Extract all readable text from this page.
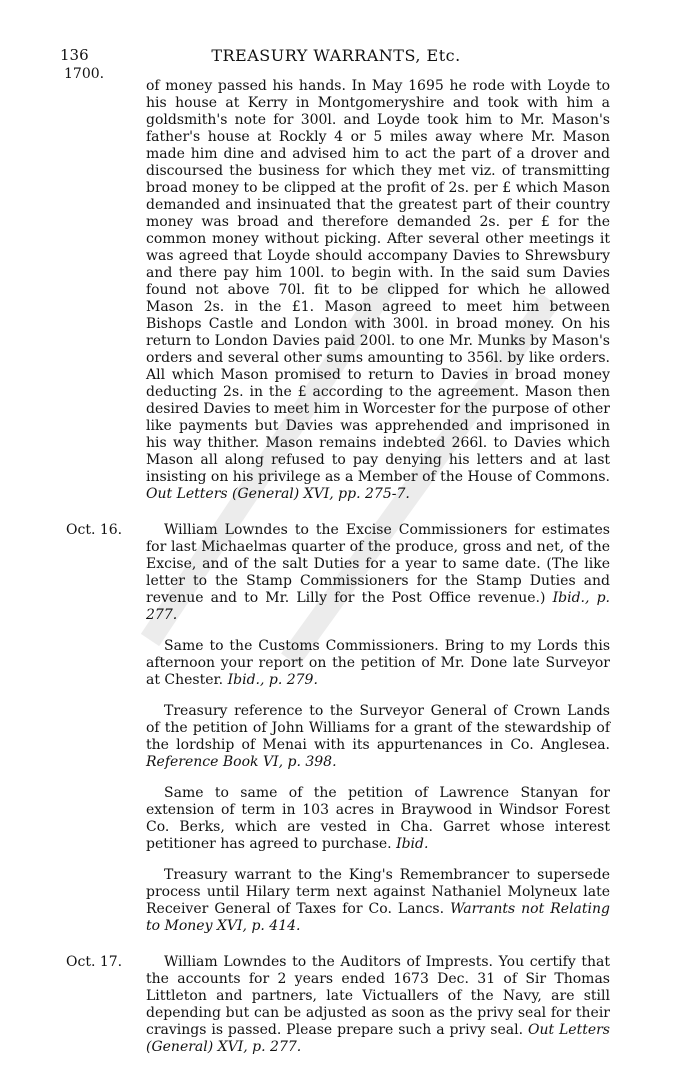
136	TREASURY WARRANTS, Etc.
1700.
of money passed his hands. In May 1695 he rode with Loyde to his house at Kerry in Montgomeryshire and took with him a goldsmith's note for 300l. and Loyde took him to Mr. Mason's father's house at Rockly 4 or 5 miles away where Mr. Mason made him dine and advised him to act the part of a drover and discoursed the business for which they met viz. of transmitting broad money to be clipped at the profit of 2s. per £ which Mason demanded and insinuated that the greatest part of their country money was broad and therefore demanded 2s. per £ for the common money without picking. After several other meetings it was agreed that Loyde should accompany Davies to Shrewsbury and there pay him 100l. to begin with. In the said sum Davies found not above 70l. fit to be clipped for which he allowed Mason 2s. in the £1. Mason agreed to meet him between Bishops Castle and London with 300l. in broad money. On his return to London Davies paid 200l. to one Mr. Munks by Mason's orders and several other sums amounting to 356l. by like orders. All which Mason promised to return to Davies in broad money deducting 2s. in the £ according to the agreement. Mason then desired Davies to meet him in Worcester for the purpose of other like payments but Davies was apprehended and imprisoned in his way thither. Mason remains indebted 266l. to Davies which Mason all along refused to pay denying his letters and at last insisting on his privilege as a Member of the House of Commons. Out Letters (General) XVI, pp. 275-7.
Oct. 16.	William Lowndes to the Excise Commissioners for estimates for last Michaelmas quarter of the produce, gross and net, of the Excise, and of the salt Duties for a year to same date. (The like letter to the Stamp Commissioners for the Stamp Duties and revenue and to Mr. Lilly for the Post Office revenue.) Ibid., p. 277.
Same to the Customs Commissioners. Bring to my Lords this afternoon your report on the petition of Mr. Done late Surveyor at Chester. Ibid., p. 279.
Treasury reference to the Surveyor General of Crown Lands of the petition of John Williams for a grant of the stewardship of the lordship of Menai with its appurtenances in Co. Anglesea. Reference Book VI, p. 398.
Same to same of the petition of Lawrence Stanyan for extension of term in 103 acres in Braywood in Windsor Forest Co. Berks, which are vested in Cha. Garret whose interest petitioner has agreed to purchase. Ibid.
Treasury warrant to the King's Remembrancer to supersede process until Hilary term next against Nathaniel Molyneux late Receiver General of Taxes for Co. Lancs. Warrants not Relating to Money XVI, p. 414.
Oct. 17.	William Lowndes to the Auditors of Imprests. You certify that the accounts for 2 years ended 1673 Dec. 31 of Sir Thomas Littleton and partners, late Victuallers of the Navy, are still depending but can be adjusted as soon as the privy seal for their cravings is passed. Please prepare such a privy seal. Out Letters (General) XVI, p. 277.
